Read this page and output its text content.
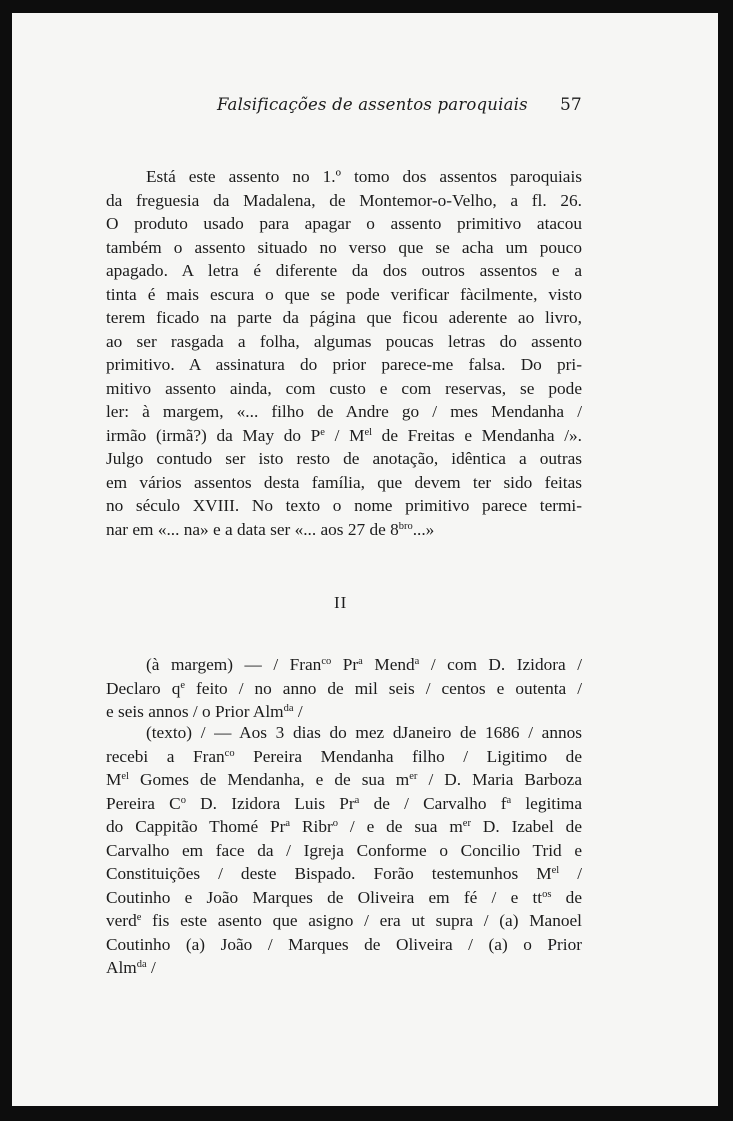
Falsificações de assentos paroquiais 57
Está este assento no 1.º tomo dos assentos paroquiais
da freguesia da Madalena, de Montemor-o-Velho, a fl. 26.
O produto usado para apagar o assento primitivo atacou
também o assento situado no verso que se acha um pouco
apagado. A letra é diferente da dos outros assentos e a
tinta é mais escura o que se pode verificar fàcilmente, visto
terem ficado na parte da página que ficou aderente ao livro,
ao ser rasgada a folha, algumas poucas letras do assento
primitivo. A assinatura do prior parece-me falsa. Do pri-
mitivo assento ainda, com custo e com reservas, se pode
ler: à margem, «... filho de Andre go / mes Mendanha /
irmão (irmã?) da May do $P^e / M^{el}$ de Freitas e Mendanha /».
Julgo contudo ser isto resto de anotação, idêntica a outras
em vários assentos desta família, que devem ter sido feitas
no século XVIII. No texto o nome primitivo parece termi-
nar em «... na» e a data ser «... aos 27 de $8^{bro}$...»
II
(à margem) — / Fran$^{co}$ Pr$^a$ Mend$^a$ / com D. Izidora /
Declaro $q^e$ feito / no anno de mil seis / centos e outenta /
e seis annos / o Prior Alm$^{da}$ /
(texto) / — Aos 3 dias do mez dJaneiro de 1686 / annos
recebi a Fran$^{co}$ Pereira Mendanha filho / Ligitimo de
$M^{el}$ Gomes de Mendanha, e de sua $m^{er}$ / D. Maria Barboza
Pereira $C^o$ D. Izidora Luis Pr$^a$ de / Carvalho $f^a$ legitima
do Cappitão Thomé Pr$^a$ Ribr$^o$ / e de sua $m^{er}$ D. Izabel de
Carvalho em face da / Igreja Conforme o Concilio Trid e
Constituições / deste Bispado. Forão testemunhos $M^{el}$ /
Coutinho e João Marques de Oliveira em fé / e $tt^{os}$ de
verd$^e$ fis este asento que asigno / era ut supra / (a) Manoel
Coutinho (a) João / Marques de Oliveira / (a) o Prior
Alm$^{da}$ /
